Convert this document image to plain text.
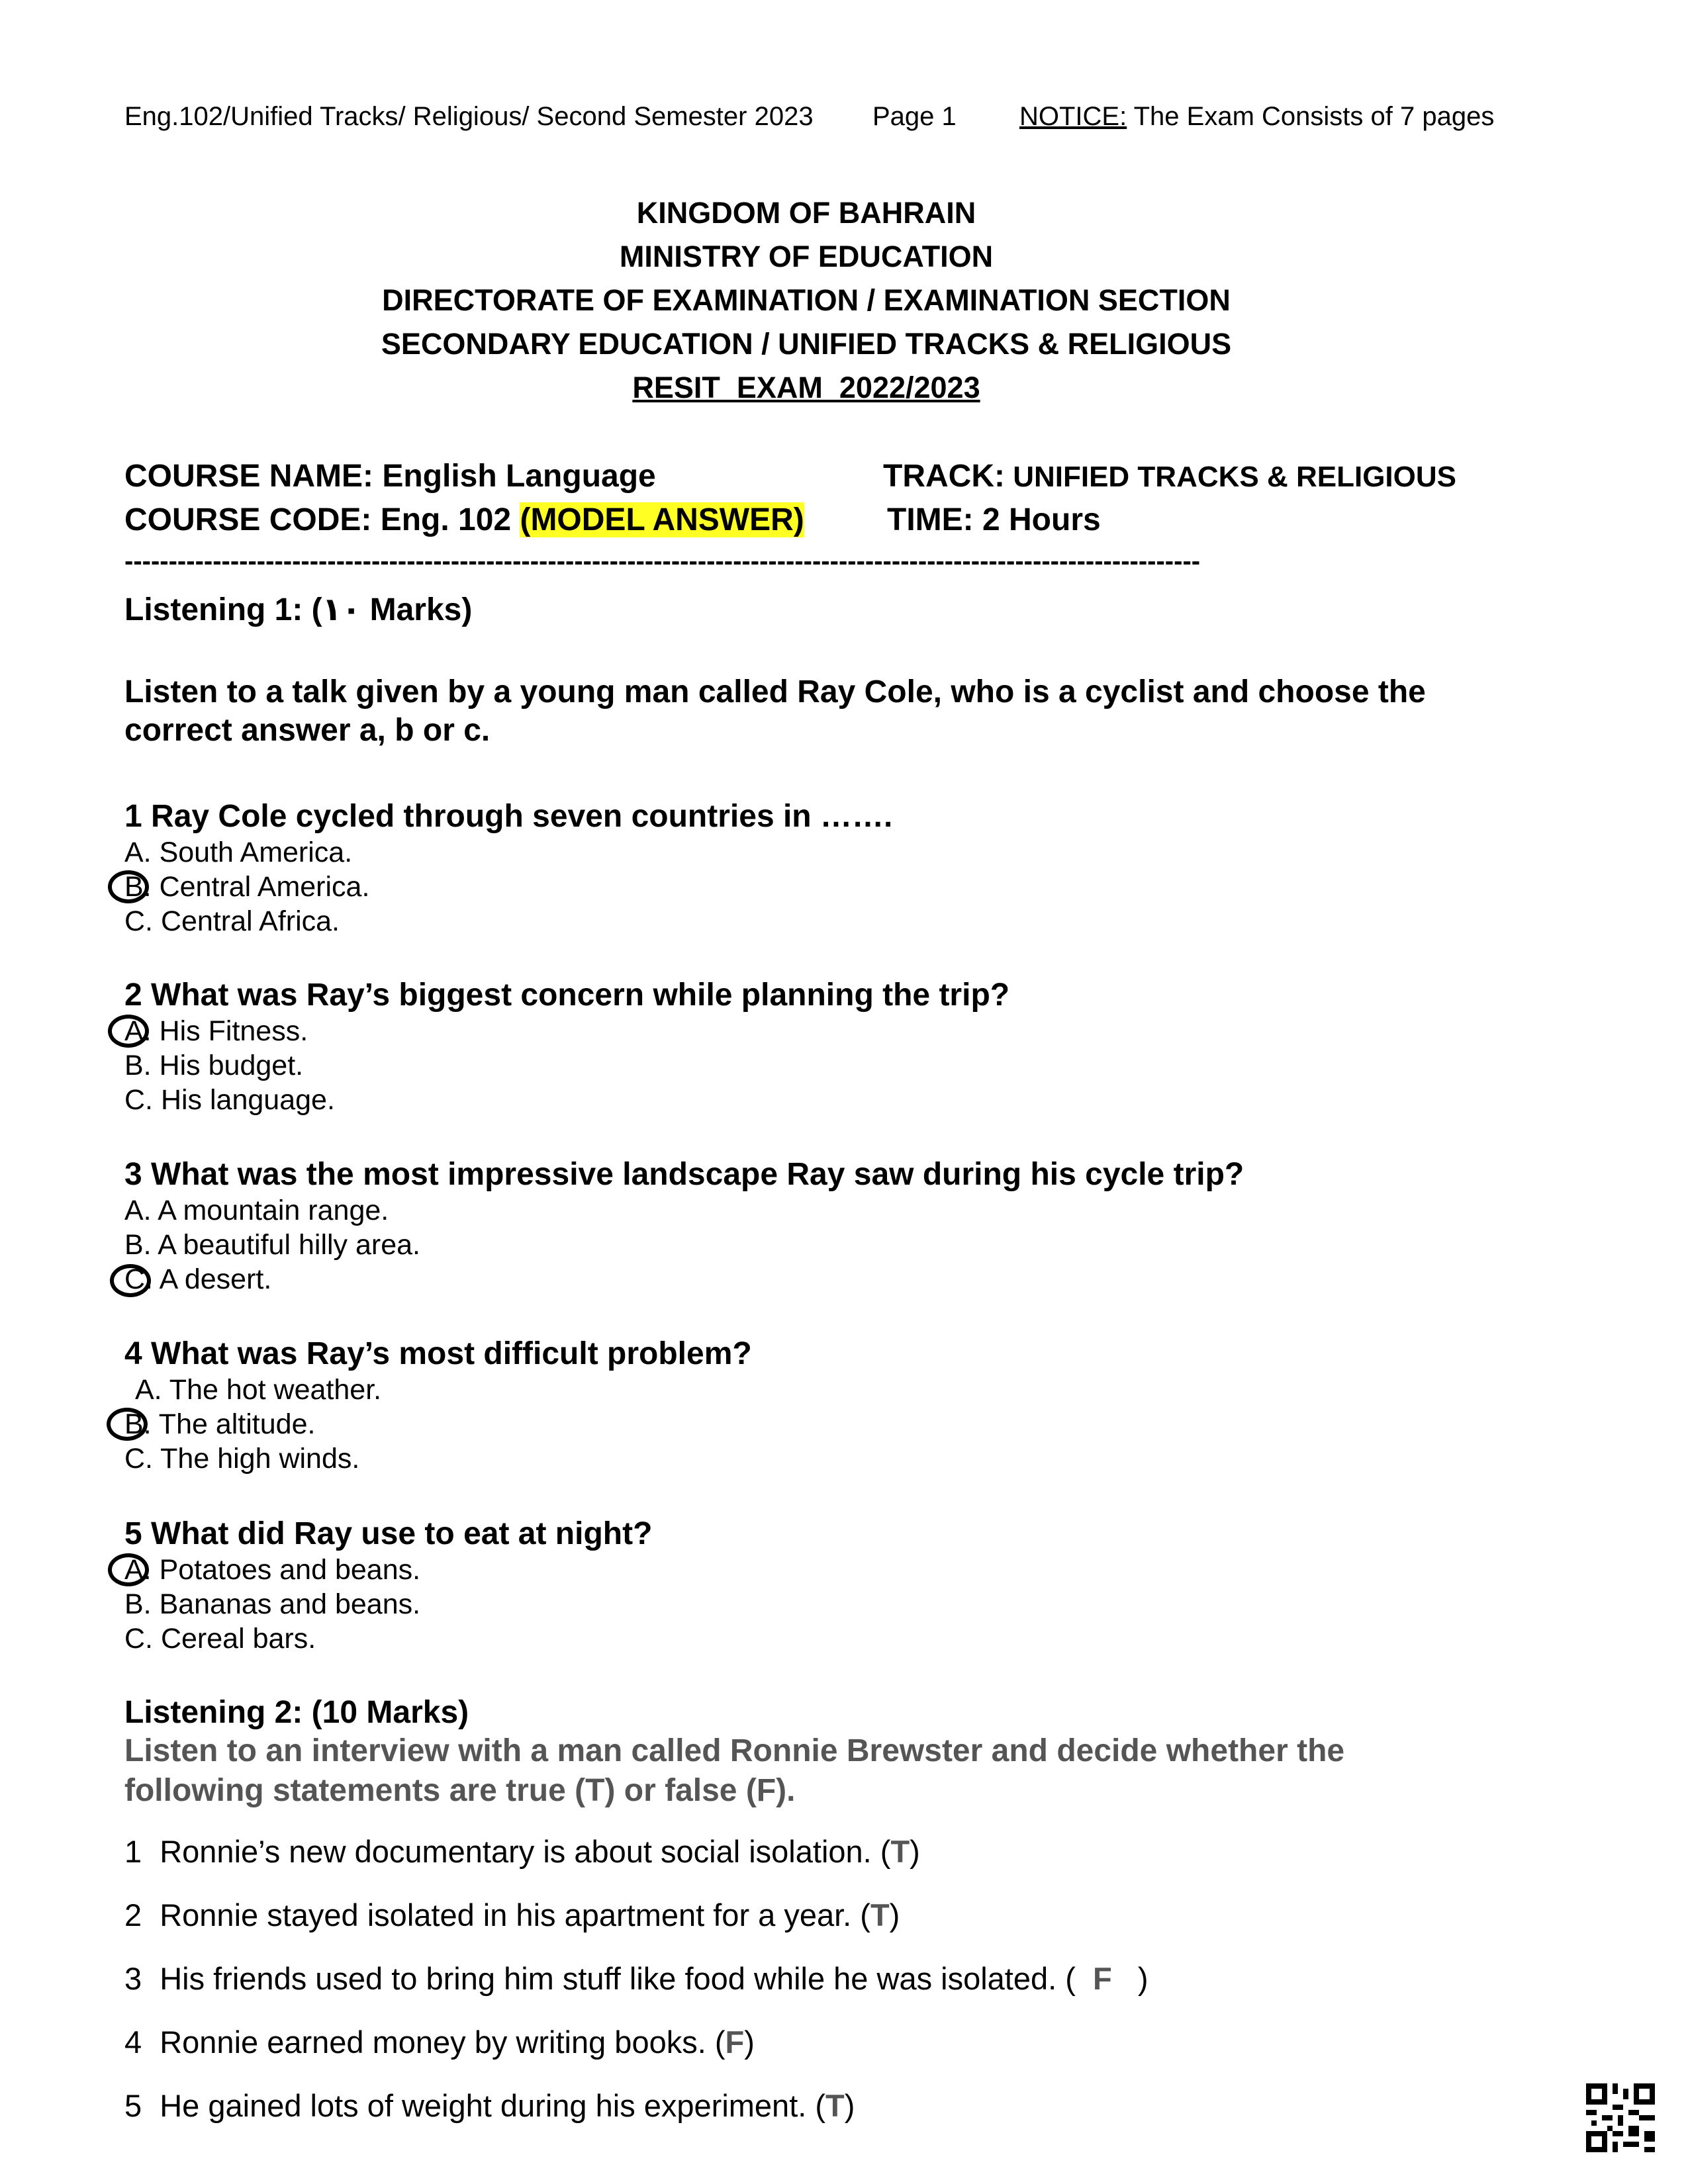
Eng.102/Unified Tracks/ Religious/ Second Semester 2023 Page 1 NOTICE: The Exam Consists of 7 pages
KINGDOM OF BAHRAIN
MINISTRY OF EDUCATION
DIRECTORATE OF EXAMINATION / EXAMINATION SECTION
SECONDARY EDUCATION / UNIFIED TRACKS & RELIGIOUS
RESIT  EXAM  2022/2023
COURSE NAME: English Language	TRACK: UNIFIED TRACKS & RELIGIOUS
COURSE CODE: Eng. 102 (MODEL ANSWER)	TIME: 2 Hours
--------------------------------------------------------------------------------------------------------------------------
Listening 1: (١٠ Marks)
Listen to a talk given by a young man called Ray Cole, who is a cyclist and choose the
correct answer a, b or c.
1 Ray Cole cycled through seven countries in …….
A. South America.
B. Central America.
C. Central Africa.
2 What was Ray’s biggest concern while planning the trip?
A. His Fitness.
B. His budget.
C. His language.
3 What was the most impressive landscape Ray saw during his cycle trip?
A. A mountain range.
B. A beautiful hilly area.
C. A desert.
4 What was Ray’s most difficult problem?
A. The hot weather.
B. The altitude.
C. The high winds.
5 What did Ray use to eat at night?
A. Potatoes and beans.
B. Bananas and beans.
C. Cereal bars.
Listening 2: (10 Marks)
Listen to an interview with a man called Ronnie Brewster and decide whether the
following statements are true (T) or false (F).
1 Ronnie’s new documentary is about social isolation. (T)
2 Ronnie stayed isolated in his apartment for a year. (T)
3 His friends used to bring him stuff like food while he was isolated. (  F   )
4 Ronnie earned money by writing books. (F)
5 He gained lots of weight during his experiment. (T)
